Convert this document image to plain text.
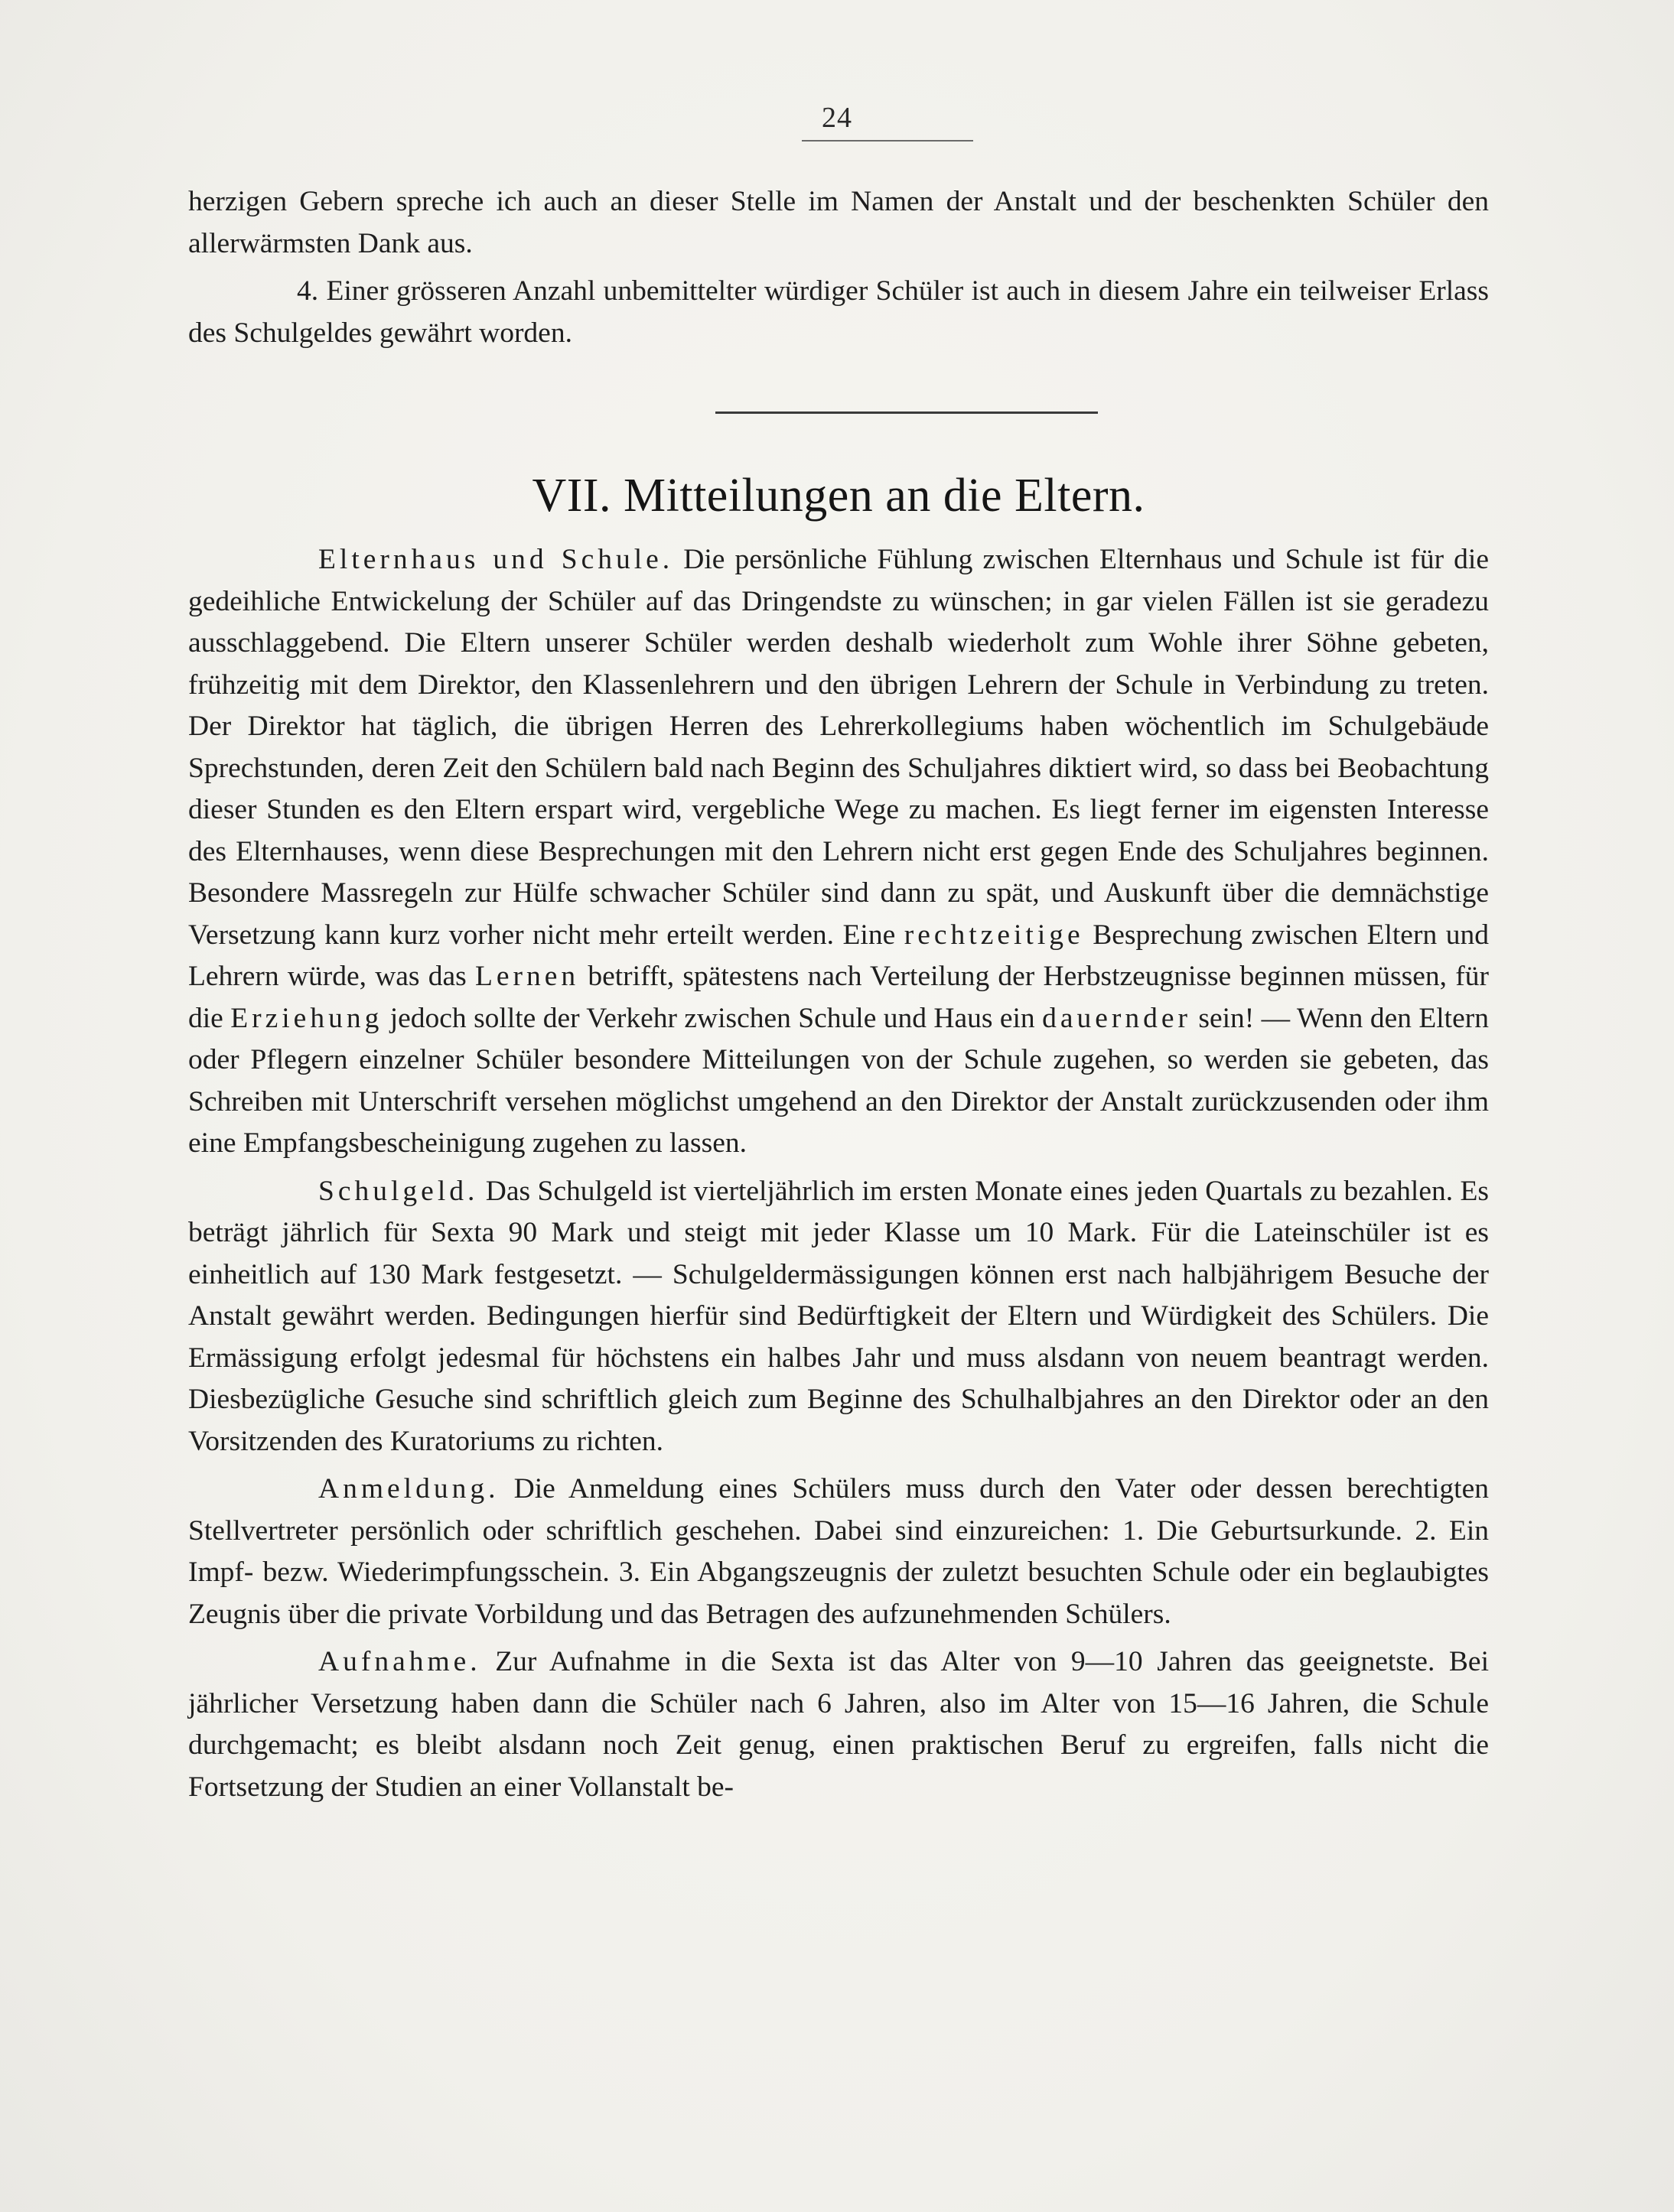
24

herzigen Gebern spreche ich auch an dieser Stelle im Namen der Anstalt und der beschenkten Schüler den allerwärmsten Dank aus.

4. Einer grösseren Anzahl unbemittelter würdiger Schüler ist auch in diesem Jahre ein teilweiser Erlass des Schulgeldes gewährt worden.

VII. Mitteilungen an die Eltern.

Elternhaus und Schule. Die persönliche Fühlung zwischen Elternhaus und Schule ist für die gedeihliche Entwickelung der Schüler auf das Dringendste zu wünschen; in gar vielen Fällen ist sie geradezu ausschlaggebend. Die Eltern unserer Schüler werden deshalb wiederholt zum Wohle ihrer Söhne gebeten, frühzeitig mit dem Direktor, den Klassenlehrern und den übrigen Lehrern der Schule in Verbindung zu treten. Der Direktor hat täglich, die übrigen Herren des Lehrerkollegiums haben wöchentlich im Schulgebäude Sprechstunden, deren Zeit den Schülern bald nach Beginn des Schuljahres diktiert wird, so dass bei Beobachtung dieser Stunden es den Eltern erspart wird, vergebliche Wege zu machen. Es liegt ferner im eigensten Interesse des Elternhauses, wenn diese Besprechungen mit den Lehrern nicht erst gegen Ende des Schuljahres beginnen. Besondere Massregeln zur Hülfe schwacher Schüler sind dann zu spät, und Auskunft über die demnächstige Versetzung kann kurz vorher nicht mehr erteilt werden. Eine rechtzeitige Besprechung zwischen Eltern und Lehrern würde, was das Lernen betrifft, spätestens nach Verteilung der Herbstzeugnisse beginnen müssen, für die Erziehung jedoch sollte der Verkehr zwischen Schule und Haus ein dauernder sein! — Wenn den Eltern oder Pflegern einzelner Schüler besondere Mitteilungen von der Schule zugehen, so werden sie gebeten, das Schreiben mit Unterschrift versehen möglichst umgehend an den Direktor der Anstalt zurückzusenden oder ihm eine Empfangsbescheinigung zugehen zu lassen.

Schulgeld. Das Schulgeld ist vierteljährlich im ersten Monate eines jeden Quartals zu bezahlen. Es beträgt jährlich für Sexta 90 Mark und steigt mit jeder Klasse um 10 Mark. Für die Lateinschüler ist es einheitlich auf 130 Mark festgesetzt. — Schulgeldermässigungen können erst nach halbjährigem Besuche der Anstalt gewährt werden. Bedingungen hierfür sind Bedürftigkeit der Eltern und Würdigkeit des Schülers. Die Ermässigung erfolgt jedesmal für höchstens ein halbes Jahr und muss alsdann von neuem beantragt werden. Diesbezügliche Gesuche sind schriftlich gleich zum Beginne des Schulhalbjahres an den Direktor oder an den Vorsitzenden des Kuratoriums zu richten.

Anmeldung. Die Anmeldung eines Schülers muss durch den Vater oder dessen berechtigten Stellvertreter persönlich oder schriftlich geschehen. Dabei sind einzureichen: 1. Die Geburtsurkunde. 2. Ein Impf- bezw. Wiederimpfungsschein. 3. Ein Abgangszeugnis der zuletzt besuchten Schule oder ein beglaubigtes Zeugnis über die private Vorbildung und das Betragen des aufzunehmenden Schülers.

Aufnahme. Zur Aufnahme in die Sexta ist das Alter von 9—10 Jahren das geeignetste. Bei jährlicher Versetzung haben dann die Schüler nach 6 Jahren, also im Alter von 15—16 Jahren, die Schule durchgemacht; es bleibt alsdann noch Zeit genug, einen praktischen Beruf zu ergreifen, falls nicht die Fortsetzung der Studien an einer Vollanstalt be-
